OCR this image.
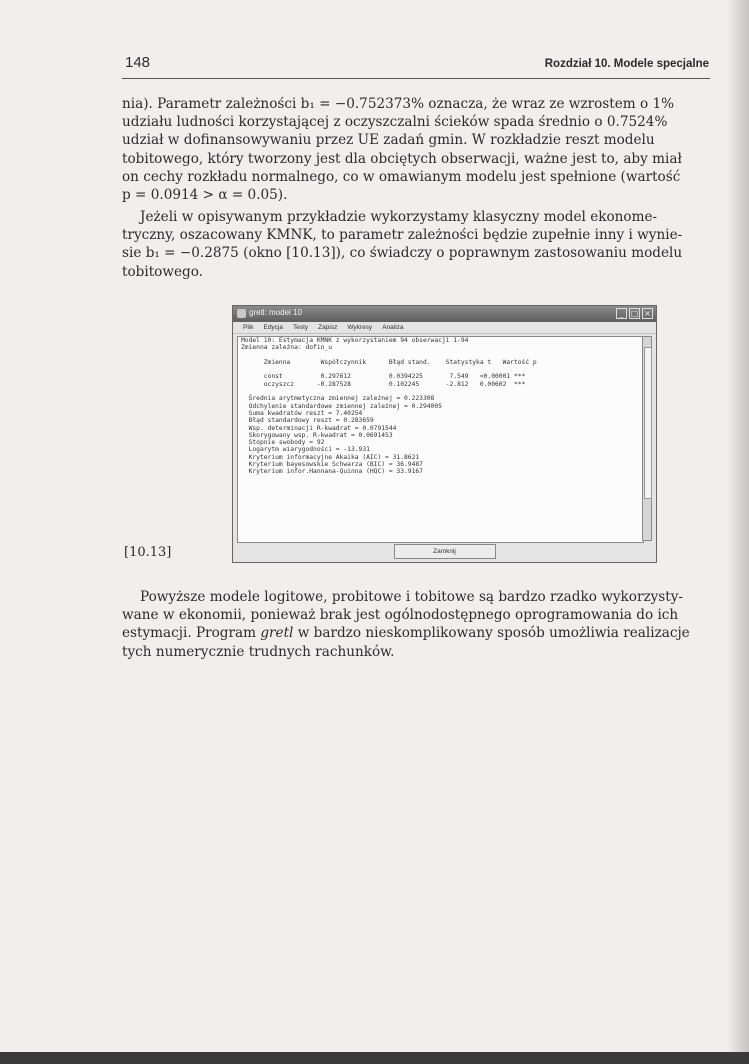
148	Rozdział 10. Modele specjalne

nia). Parametr zależności b₁ = −0.752373% oznacza, że wraz ze wzrostem o 1%

udziału ludności korzystającej z oczyszczalni ścieków spada średnio o 0.7524%

udział w dofinansowywaniu przez UE zadań gmin. W rozkładzie reszt modelu

tobitowego, który tworzony jest dla obciętych obserwacji, ważne jest to, aby miał

on cechy rozkładu normalnego, co w omawianym modelu jest spełnione (wartość

p = 0.0914 > α = 0.05).

Jeżeli w opisywanym przykładzie wykorzystamy klasyczny model ekonome-

tryczny, oszacowany KMNK, to parametr zależności będzie zupełnie inny i wynie-

sie b₁ = −0.2875 (okno [10.13]), co świadczy o poprawnym zastosowaniu modelu

tobitowego.

gretl: model 10	_ □ ×
Plik Edycja Testy Zapisz Wykresy Analiza
Model 10: Estymacja KMNK z wykorzystaniem 94 obserwacji 1-94
Zmienna zależna: dofin_u
Zmienna        Współczynnik      Błąd stand.    Statystyka t   Wartość p
const          0.297612          0.0394225       7.549   <0.00001 ***
oczyszcz      -0.287528          0.102245       -2.812   0.00602  ***
Średnia arytmetyczna zmiennej zależnej = 0.223308
Odchylenie standardowe zmiennej zależnej = 0.294005
Suma kwadratów reszt = 7.40254
Błąd standardowy reszt = 0.283659
Wsp. determinacji R-kwadrat = 0.0791544
Skorygowany wsp. R-kwadrat = 0.0691453
Stopnie swobody = 92
Logarytm wiarygodności = -13.931
Kryterium informacyjne Akaika (AIC) = 31.8621
Kryterium bayesowskie Schwarza (BIC) = 36.9487
Kryterium infor.Hannana-Quinna (HQC) = 33.9167
Zamknij
[10.13]

Powyższe modele logitowe, probitowe i tobitowe są bardzo rzadko wykorzysty-

wane w ekonomii, ponieważ brak jest ogólnodostępnego oprogramowania do ich

estymacji. Program gretl w bardzo nieskomplikowany sposób umożliwia realizacje

tych numerycznie trudnych rachunków.
